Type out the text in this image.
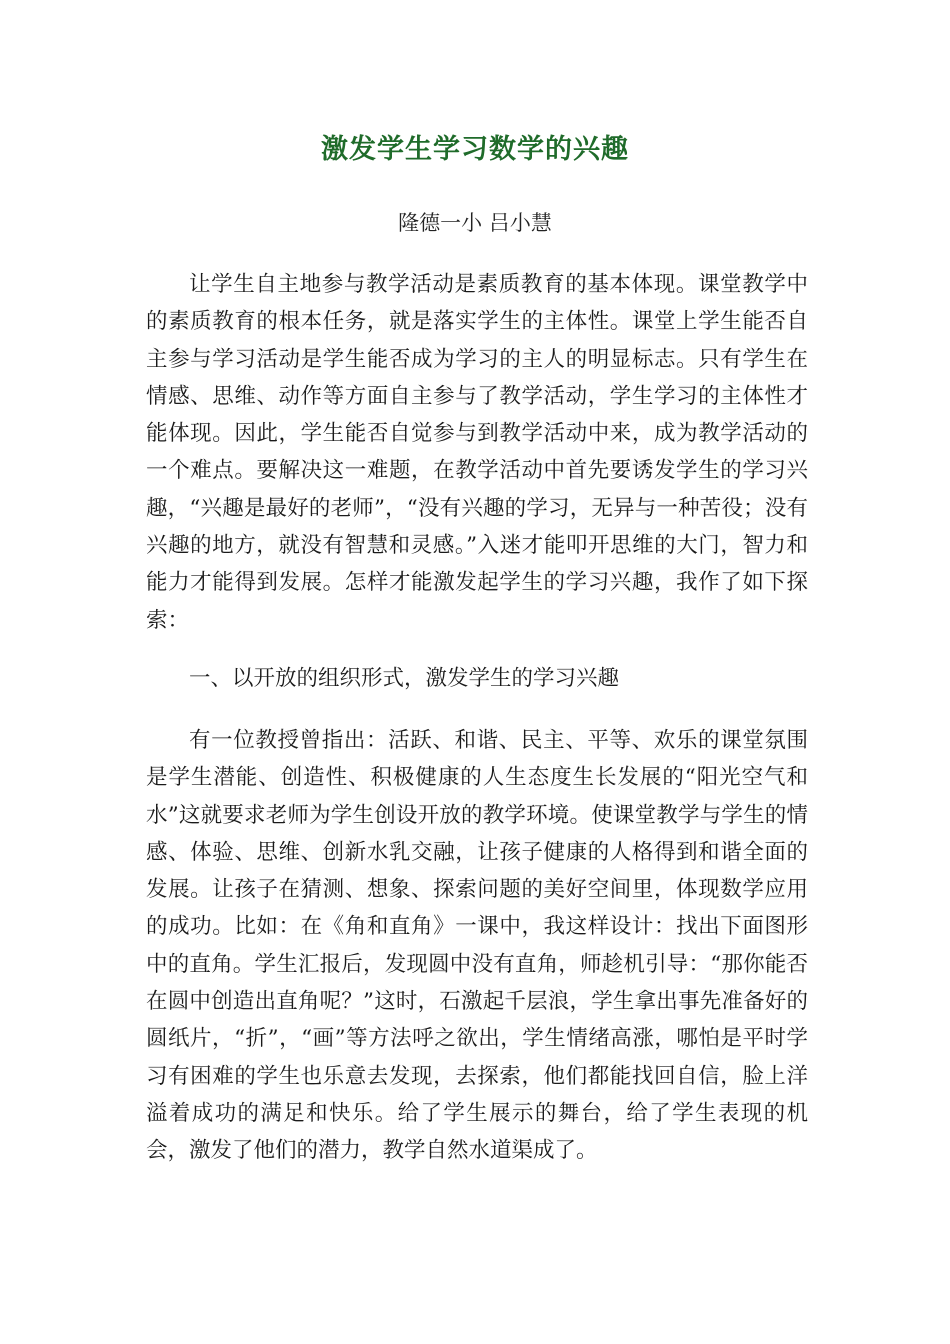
激发学生学习数学的兴趣
隆德一小 吕小慧

让学生自主地参与教学活动是素质教育的基本体现。课堂教学中的素质教育的根本任务，就是落实学生的主体性。课堂上学生能否自主参与学习活动是学生能否成为学习的主人的明显标志。只有学生在情感、思维、动作等方面自主参与了教学活动，学生学习的主体性才能体现。因此，学生能否自觉参与到教学活动中来，成为教学活动的一个难点。要解决这一难题，在教学活动中首先要诱发学生的学习兴趣，“兴趣是最好的老师”，“没有兴趣的学习，无异与一种苦役；没有兴趣的地方，就没有智慧和灵感。”入迷才能叩开思维的大门，智力和能力才能得到发展。怎样才能激发起学生的学习兴趣，我作了如下探索：

一、以开放的组织形式，激发学生的学习兴趣

有一位教授曾指出：活跃、和谐、民主、平等、欢乐的课堂氛围是学生潜能、创造性、积极健康的人生态度生长发展的“阳光空气和水”这就要求老师为学生创设开放的教学环境。使课堂教学与学生的情感、体验、思维、创新水乳交融，让孩子健康的人格得到和谐全面的发展。让孩子在猜测、想象、探索问题的美好空间里，体现数学应用的成功。比如：在《角和直角》一课中，我这样设计：找出下面图形中的直角。学生汇报后，发现圆中没有直角，师趁机引导：“那你能否在圆中创造出直角呢？”这时，石激起千层浪，学生拿出事先准备好的圆纸片，“折”，“画”等方法呼之欲出，学生情绪高涨，哪怕是平时学习有困难的学生也乐意去发现，去探索，他们都能找回自信，脸上洋溢着成功的满足和快乐。给了学生展示的舞台，给了学生表现的机会，激发了他们的潜力，教学自然水道渠成了。
